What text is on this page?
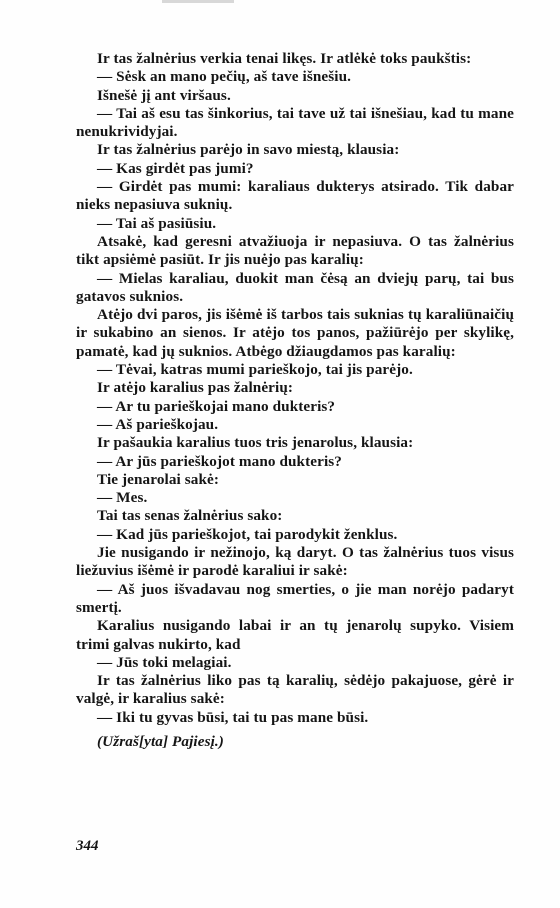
Ir tas žalnėrius verkia tenai likęs. Ir atlėkė toks paukštis:

— Sėsk an mano pečių, aš tave išnešiu.

Išnešė jį ant viršaus.

— Tai aš esu tas šinkorius, tai tave už tai išnešiau, kad tu mane nenukrividyjai.

Ir tas žalnėrius parėjo in savo miestą, klausia:

— Kas girdėt pas jumi?

— Girdėt pas mumi: karaliaus dukterys atsirado. Tik dabar nieks nepasiuva suknių.

— Tai aš pasiūsiu.

Atsakė, kad geresni atvažiuoja ir nepasiuva. O tas žalnėrius tikt apsiėmė pasiūt. Ir jis nuėjo pas karalių:

— Mielas karaliau, duokit man čėsą an dviejų parų, tai bus gatavos suknios.

Atėjo dvi paros, jis išėmė iš tarbos tais suknias tų karaliūnaičių ir sukabino an sienos. Ir atėjo tos panos, pažiūrėjo per skylikę, pamatė, kad jų suknios. Atbėgo džiaugdamos pas karalių:

— Tėvai, katras mumi parieškojo, tai jis parėjo.

Ir atėjo karalius pas žalnėrių:

— Ar tu parieškojai mano dukteris?

— Aš parieškojau.

Ir pašaukia karalius tuos tris jenarolus, klausia:

— Ar jūs parieškojot mano dukteris?

Tie jenarolai sakė:

— Mes.

Tai tas senas žalnėrius sako:

— Kad jūs parieškojot, tai parodykit ženklus.

Jie nusigando ir nežinojo, ką daryt. O tas žalnėrius tuos visus liežuvius išėmė ir parodė karaliui ir sakė:

— Aš juos išvadavau nog smerties, o jie man norėjo padaryt smertį.

Karalius nusigando labai ir an tų jenarolų supyko. Visiem trimi galvas nukirto, kad

— Jūs toki melagiai.

Ir tas žalnėrius liko pas tą karalių, sėdėjo pakajuose, gėrė ir valgė, ir karalius sakė:

— Iki tu gyvas būsi, tai tu pas mane būsi.

(Užraš[yta] Pajiesį.)

344
